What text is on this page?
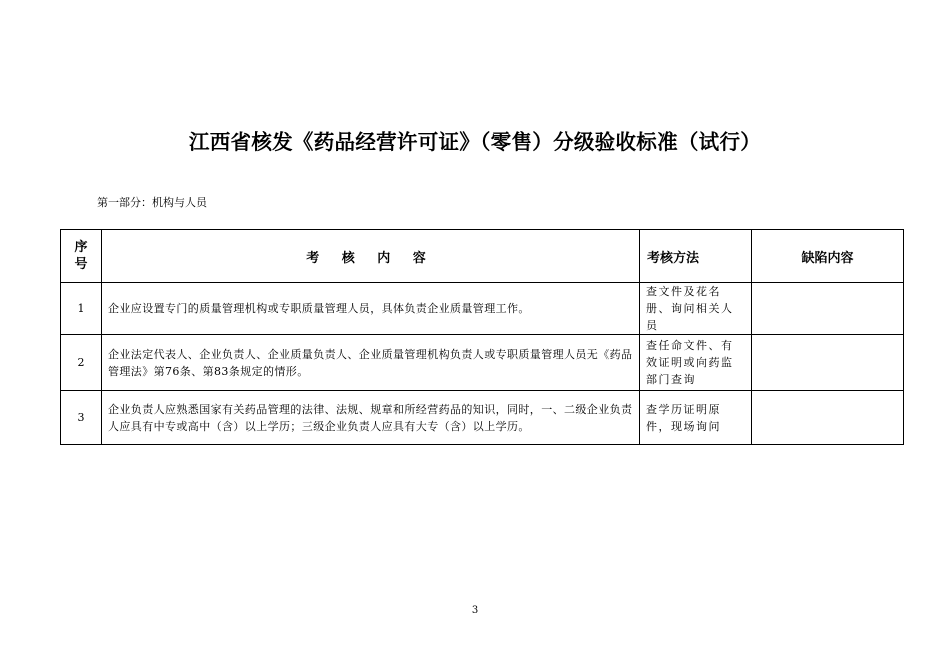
江西省核发《药品经营许可证》（零售）分级验收标准（试行）
第一部分：机构与人员
序号	考 核 内 容	考核方法	缺陷内容
1	企业应设置专门的质量管理机构或专职质量管理人员，具体负责企业质量管理工作。	查文件及花名册、询问相关人员	
2	企业法定代表人、企业负责人、企业质量负责人、企业质量管理机构负责人或专职质量管理人员无《药品管理法》第76条、第83条规定的情形。	查任命文件、有效证明或向药监部门查询	
3	企业负责人应熟悉国家有关药品管理的法律、法规、规章和所经营药品的知识，同时，一、二级企业负责人应具有中专或高中（含）以上学历；三级企业负责人应具有大专（含）以上学历。	查学历证明原件，现场询问	
3
